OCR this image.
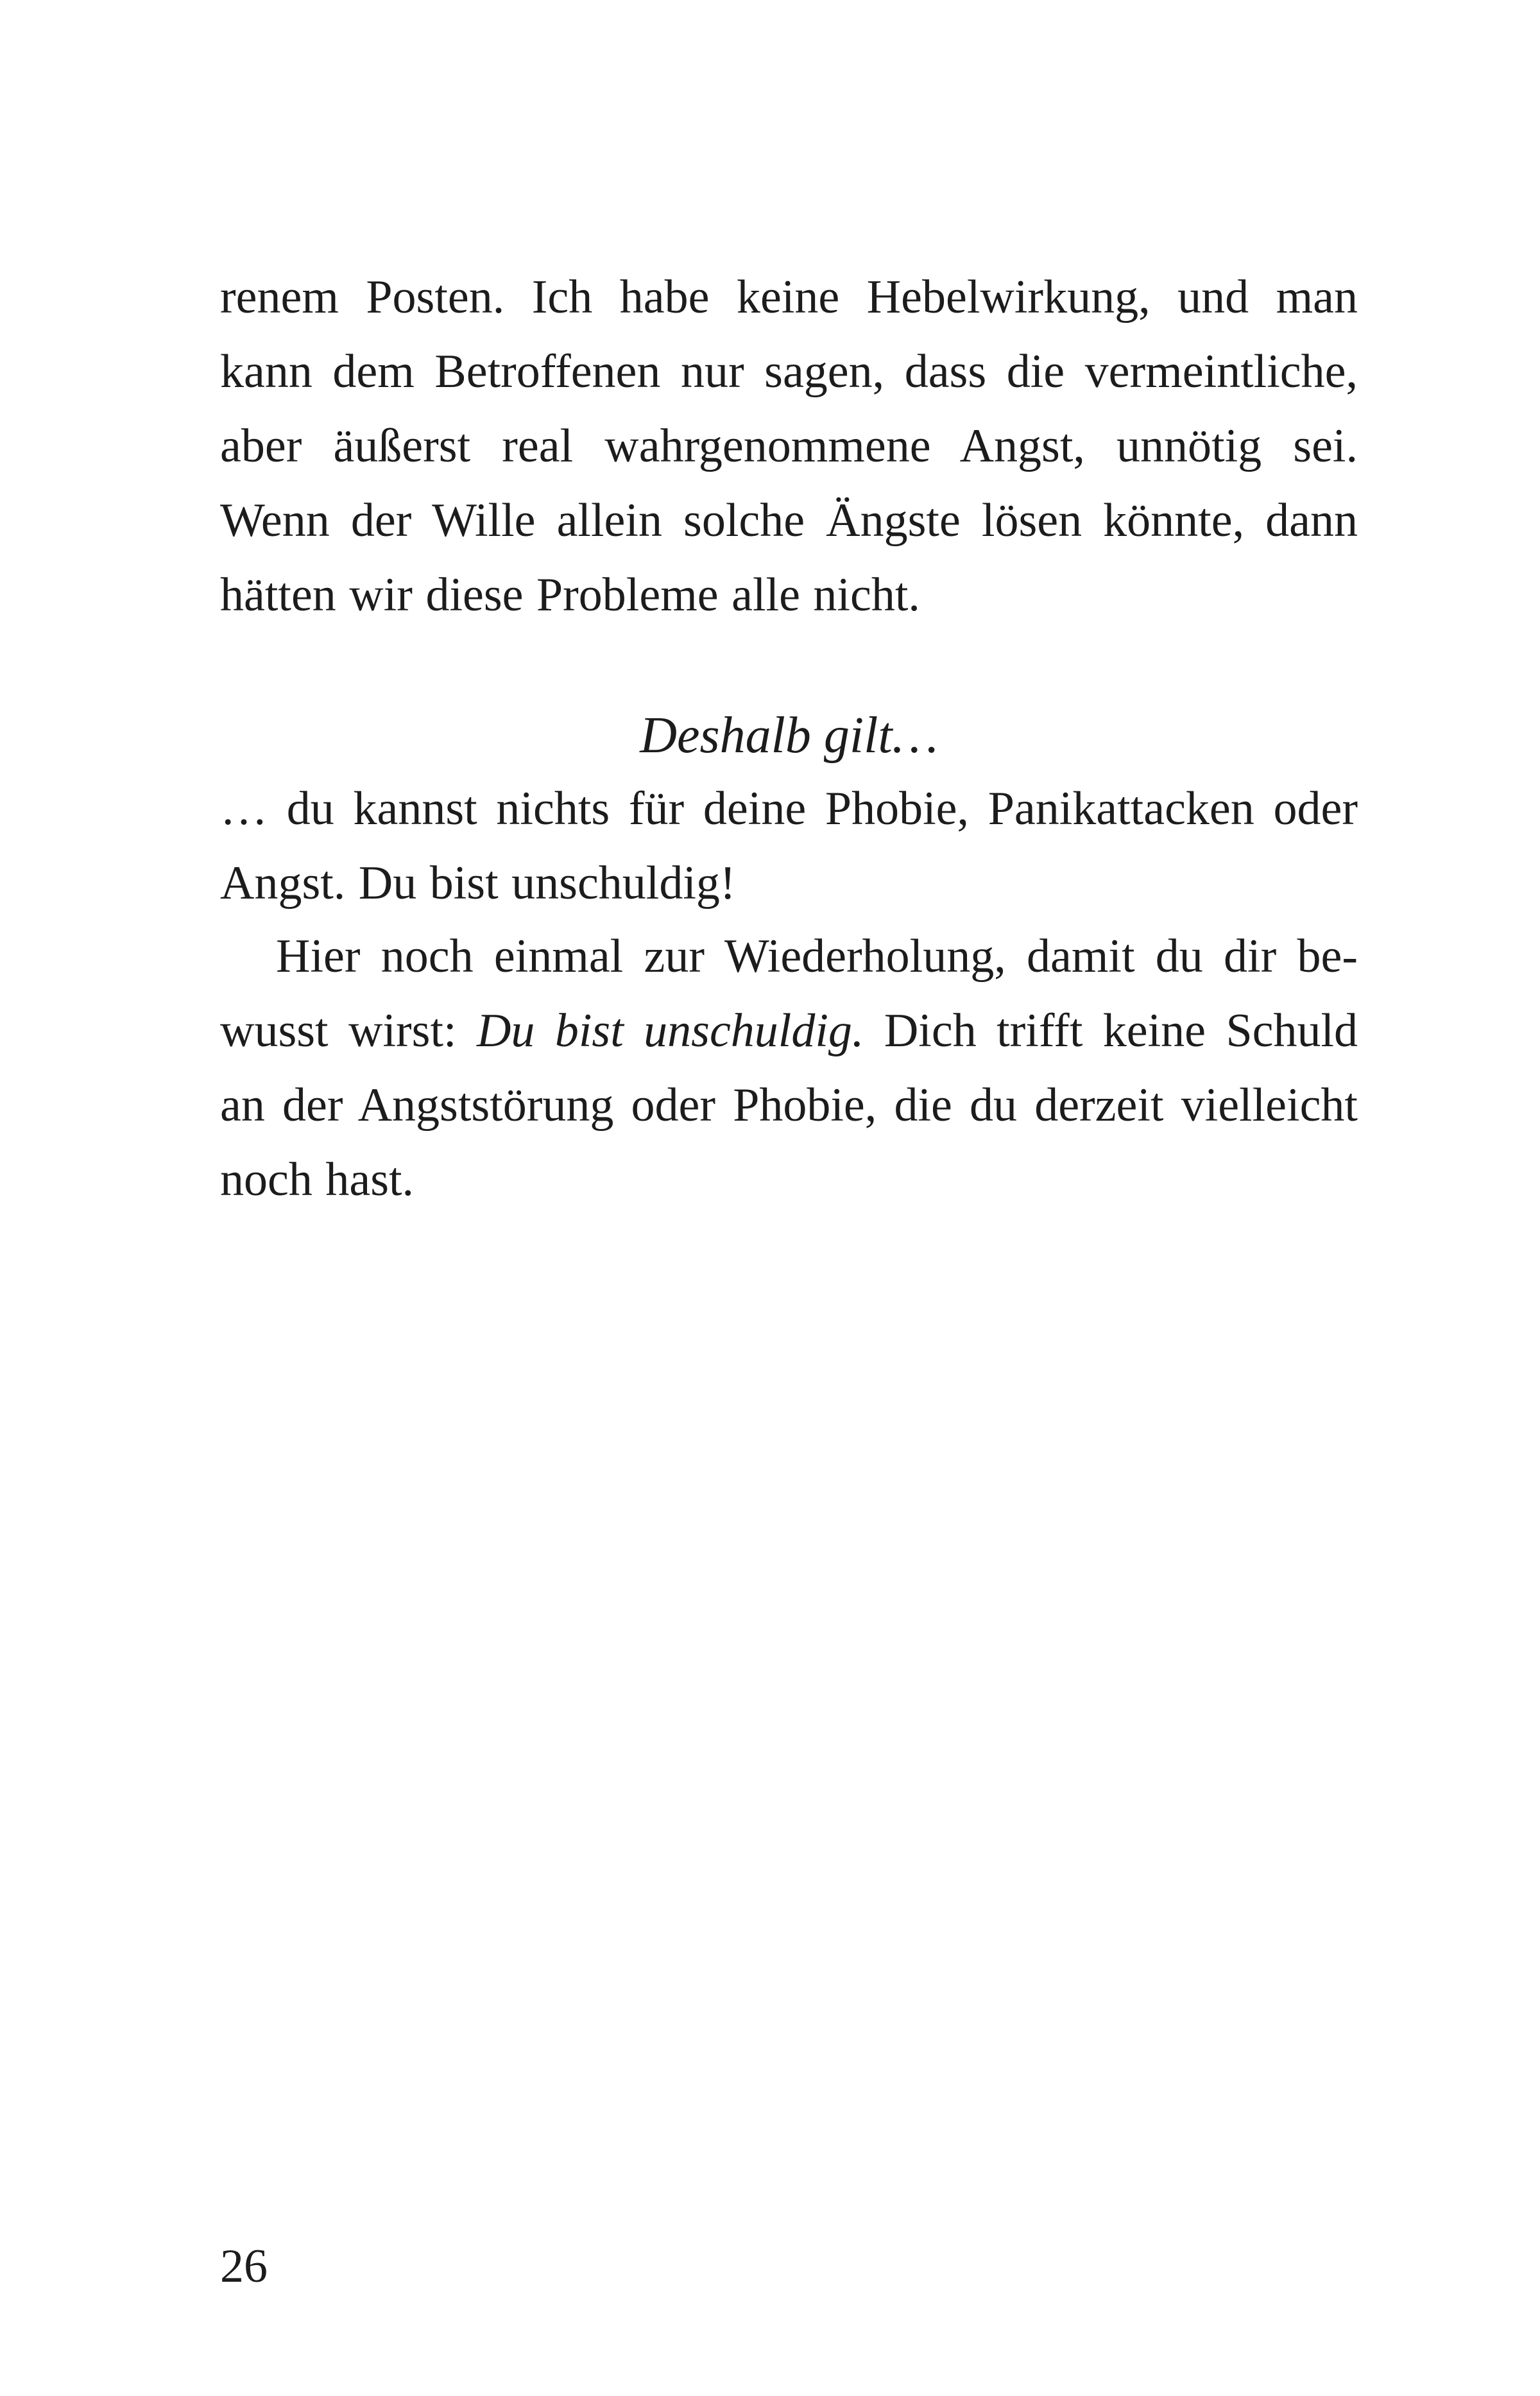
renem Posten. Ich habe keine Hebelwirkung, und man
kann dem Betroffenen nur sagen, dass die vermeintliche,
aber äußerst real wahrgenommene Angst, unnötig sei.
Wenn der Wille allein solche Ängste lösen könnte, dann
hätten wir diese Probleme alle nicht.
Deshalb gilt…
… du kannst nichts für deine Phobie, Panikattacken oder
Angst. Du bist unschuldig!
Hier noch einmal zur Wiederholung, damit du dir be-
wusst wirst: Du bist unschuldig. Dich trifft keine Schuld
an der Angststörung oder Phobie, die du derzeit vielleicht
noch hast.
26
